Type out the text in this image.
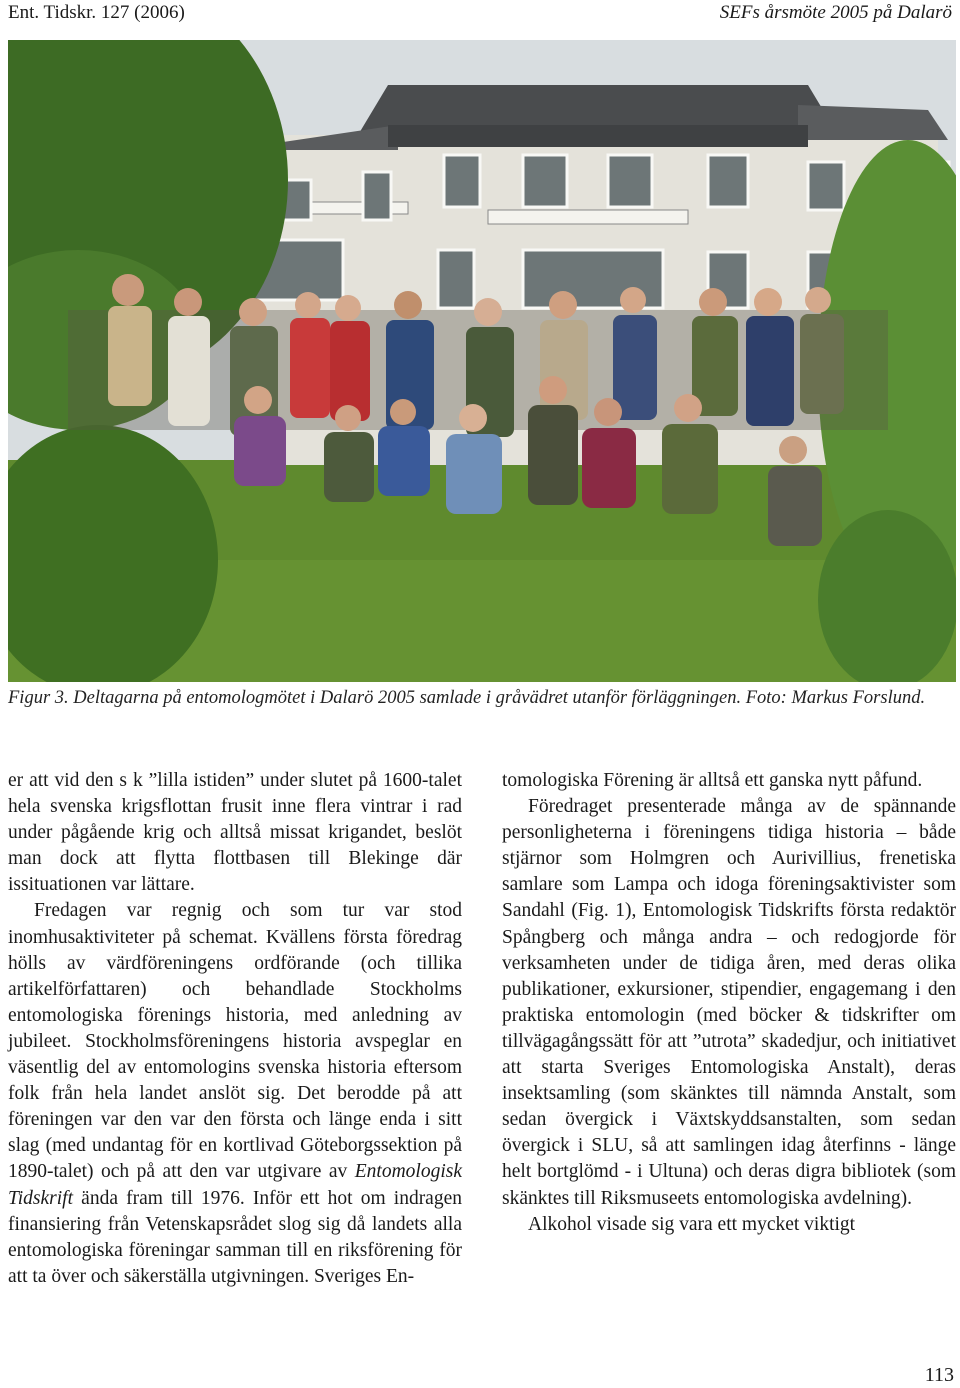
Ent. Tidskr. 127 (2006)	SEFs årsmöte 2005 på Dalarö
Figur 3. Deltagarna på entomologmötet i Dalarö 2005 samlade i gråvädret utanför förläggningen. Foto: Markus Forslund.

er att vid den s k ”lilla istiden” under slutet på 1600-talet hela svenska krigsflottan frusit inne flera vintrar i rad under pågående krig och alltså missat krigandet, beslöt man dock att flytta flottbasen till Blekinge där issituationen var lättare.

Fredagen var regnig och som tur var stod inomhusaktiviteter på schemat. Kvällens första föredrag hölls av värdföreningens ordförande (och tillika artikelförfattaren) och behandlade Stockholms entomologiska förenings historia, med anledning av jubileet. Stockholmsföreningens historia avspeglar en väsentlig del av entomologins svenska historia eftersom folk från hela landet anslöt sig. Det berodde på att föreningen var den var den första och länge enda i sitt slag (med undantag för en kortlivad Göteborgssektion på 1890-talet) och på att den var utgivare av Entomologisk Tidskrift ända fram till 1976. Inför ett hot om indragen finansiering från Vetenskapsrådet slog sig då landets alla entomologiska föreningar samman till en riksförening för att ta över och säkerställa utgivningen. Sveriges En-

tomologiska Förening är alltså ett ganska nytt påfund.

Föredraget presenterade många av de spännande personligheterna i föreningens tidiga historia – både stjärnor som Holmgren och Aurivillius, frenetiska samlare som Lampa och idoga föreningsaktivister som Sandahl (Fig. 1), Entomologisk Tidskrifts första redaktör Spångberg och många andra – och redogjorde för verksamheten under de tidiga åren, med deras olika publikationer, exkursioner, stipendier, engagemang i den praktiska entomologin (med böcker & tidskrifter om tillvägagångssätt för att ”utrota” skadedjur, och initiativet att starta Sveriges Entomologiska Anstalt), deras insektsamling (som skänktes till nämnda Anstalt, som sedan övergick i Växtskyddsanstalten, som sedan övergick i SLU, så att samlingen idag återfinns - länge helt bortglömd - i Ultuna) och deras digra bibliotek (som skänktes till Riksmuseets entomologiska avdelning).

Alkohol visade sig vara ett mycket viktigt

113
